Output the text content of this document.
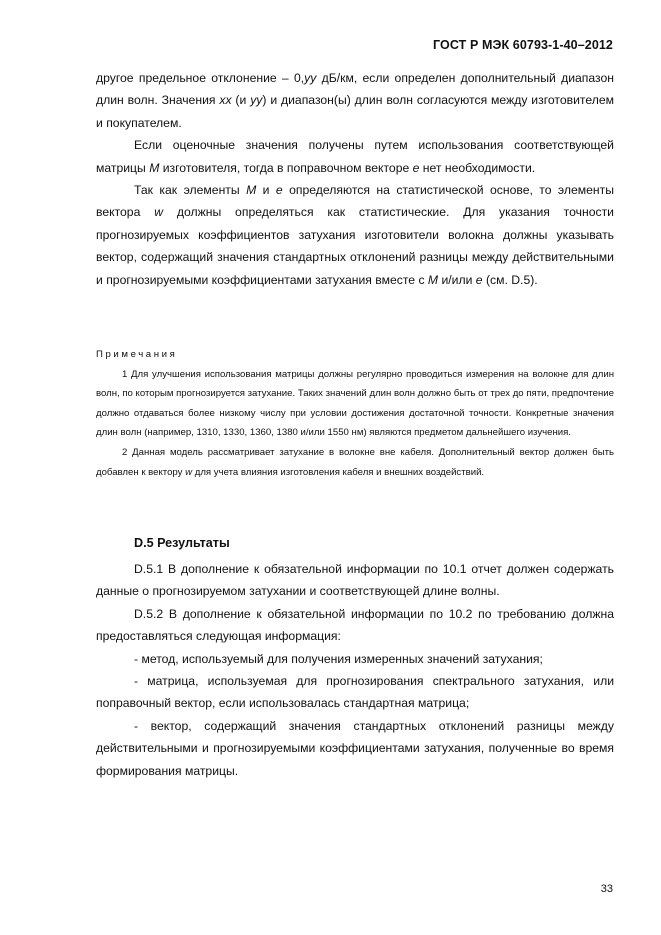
ГОСТ Р МЭК 60793-1-40–2012

другое предельное отклонение – 0,yy дБ/км, если определен дополнительный диапазон длин волн. Значения xx (и yy) и диапазон(ы) длин волн согласуются между изготовителем и покупателем.

Если оценочные значения получены путем использования соответствующей матрицы M изготовителя, тогда в поправочном векторе e нет необходимости.

Так как элементы M и e определяются на статистической основе, то элементы вектора w должны определяться как статистические. Для указания точности прогнозируемых коэффициентов затухания изготовители волокна должны указывать вектор, содержащий значения стандартных отклонений разницы между действительными и прогнозируемыми коэффициентами затухания вместе с M и/или e (см. D.5).

Примечания

1 Для улучшения использования матрицы должны регулярно проводиться измерения на волокне для длин волн, по которым прогнозируется затухание. Таких значений длин волн должно быть от трех до пяти, предпочтение должно отдаваться более низкому числу при условии достижения достаточной точности. Конкретные значения длин волн (например, 1310, 1330, 1360, 1380 и/или 1550 нм) являются предметом дальнейшего изучения.

2 Данная модель рассматривает затухание в волокне вне кабеля. Дополнительный вектор должен быть добавлен к вектору w для учета влияния изготовления кабеля и внешних воздействий.

D.5 Результаты

D.5.1 В дополнение к обязательной информации по 10.1 отчет должен содержать данные о прогнозируемом затухании и соответствующей длине волны.

D.5.2 В дополнение к обязательной информации по 10.2 по требованию должна предоставляться следующая информация:

- метод, используемый для получения измеренных значений затухания;

- матрица, используемая для прогнозирования спектрального затухания, или поправочный вектор, если использовалась стандартная матрица;

- вектор, содержащий значения стандартных отклонений разницы между действительными и прогнозируемыми коэффициентами затухания, полученные во время формирования матрицы.

33
